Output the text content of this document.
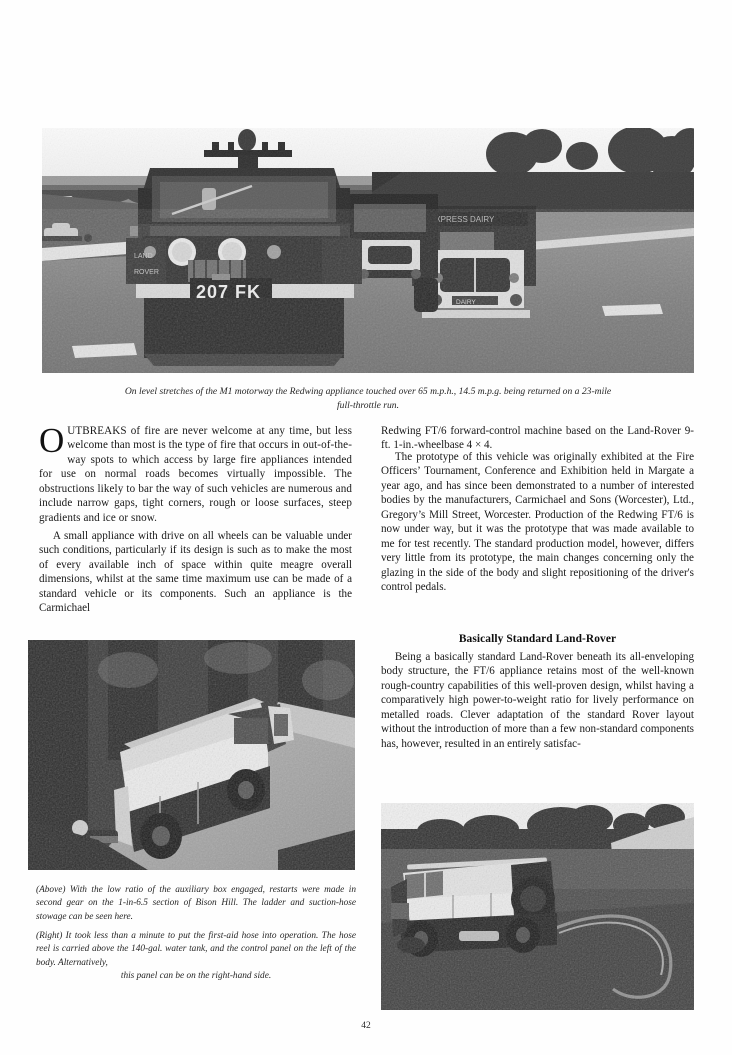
On level stretches of the M1 motorway the Redwing appliance touched over 65 m.p.h., 14.5 m.p.g. being returned on a 23-mile
full-throttle run.

OUTBREAKS of fire are never welcome at any time, but less welcome than most is the type of fire that occurs in out-of-the-way spots to which access by large fire appliances intended for use on normal roads becomes virtually impossible. The obstructions likely to bar the way of such vehicles are numerous and include narrow gaps, tight corners, rough or loose surfaces, steep gradients and ice or snow.

A small appliance with drive on all wheels can be valuable under such conditions, particularly if its design is such as to make the most of every available inch of space within quite meagre overall dimensions, whilst at the same time maximum use can be made of a standard vehicle or its components. Such an appliance is the Carmichael

Redwing FT/6 forward-control machine based on the Land-Rover 9-ft. 1-in.-wheelbase 4 × 4.

The prototype of this vehicle was originally exhibited at the Fire Officers’ Tournament, Conference and Exhibition held in Margate a year ago, and has since been demonstrated to a number of interested bodies by the manufacturers, Carmichael and Sons (Worcester), Ltd., Gregory’s Mill Street, Worcester. Production of the Redwing FT/6 is now under way, but it was the prototype that was made available to me for test recently. The standard production model, however, differs very little from its prototype, the main changes concerning only the glazing in the side of the body and slight repositioning of the driver's control pedals.

Basically Standard Land-Rover

Being a basically standard Land-Rover beneath its all-enveloping body structure, the FT/6 appliance retains most of the well-known rough-country capabilities of this well-proven design, whilst having a comparatively high power-to-weight ratio for lively performance on metalled roads. Clever adaptation of the standard Rover layout without the introduction of more than a few non-standard components has, however, resulted in an entirely satisfac-

(Above) With the low ratio of the auxiliary box engaged, restarts were made in second gear on the 1-in-6.5 section of Bison Hill. The ladder and suction-hose stowage can be seen here.
(Right) It took less than a minute to put the first-aid hose into operation. The hose reel is carried above the 140-gal. water tank, and the control panel on the left of the body. Alternatively,
this panel can be on the right-hand side.
42
